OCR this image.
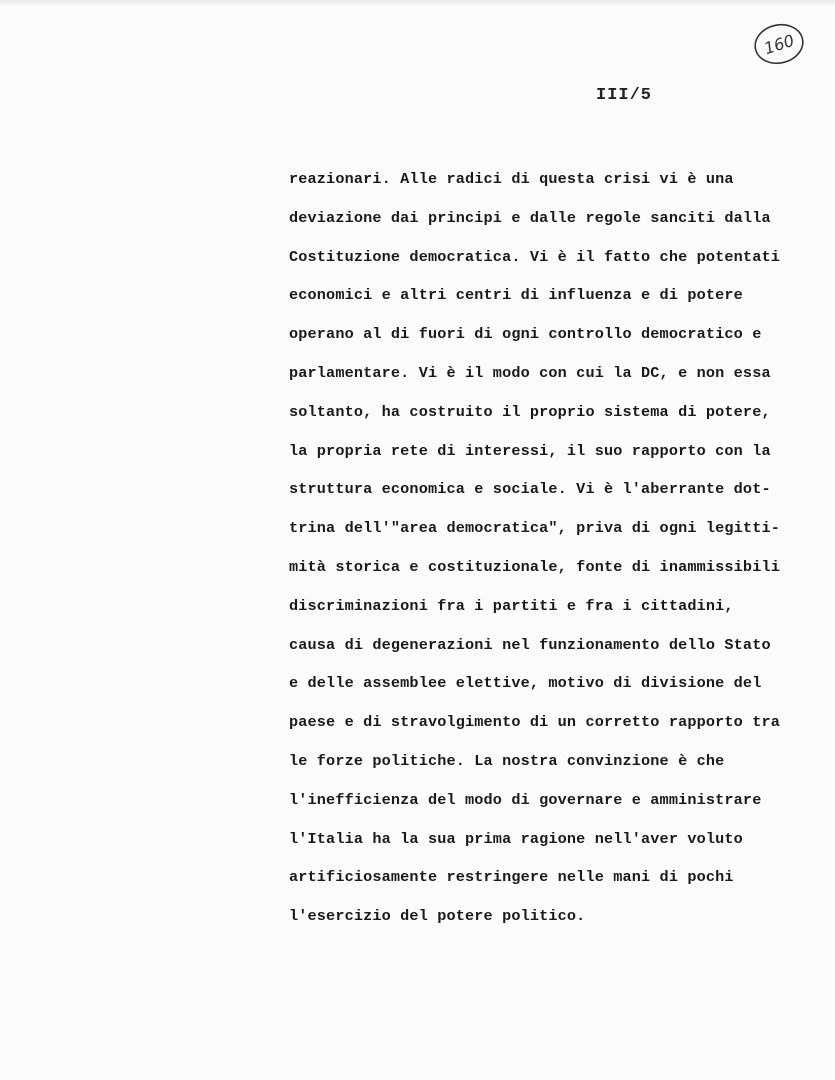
160
III/5
reazionari. Alle radici di questa crisi vi è una
deviazione dai principi e dalle regole sanciti dalla
Costituzione democratica. Vi è il fatto che potentati
economici e altri centri di influenza e di potere
operano al di fuori di ogni controllo democratico e
parlamentare. Vi è il modo con cui la DC, e non essa
soltanto, ha costruito il proprio sistema di potere,
la propria rete di interessi, il suo rapporto con la
struttura economica e sociale. Vi è l'aberrante dot-
trina dell'"area democratica", priva di ogni legitti-
mità storica e costituzionale, fonte di inammissibili
discriminazioni fra i partiti e fra i cittadini,
causa di degenerazioni nel funzionamento dello Stato
e delle assemblee elettive, motivo di divisione del
paese e di stravolgimento di un corretto rapporto tra
le forze politiche. La nostra convinzione è che
l'inefficienza del modo di governare e amministrare
l'Italia ha la sua prima ragione nell'aver voluto
artificiosamente restringere nelle mani di pochi
l'esercizio del potere politico.
